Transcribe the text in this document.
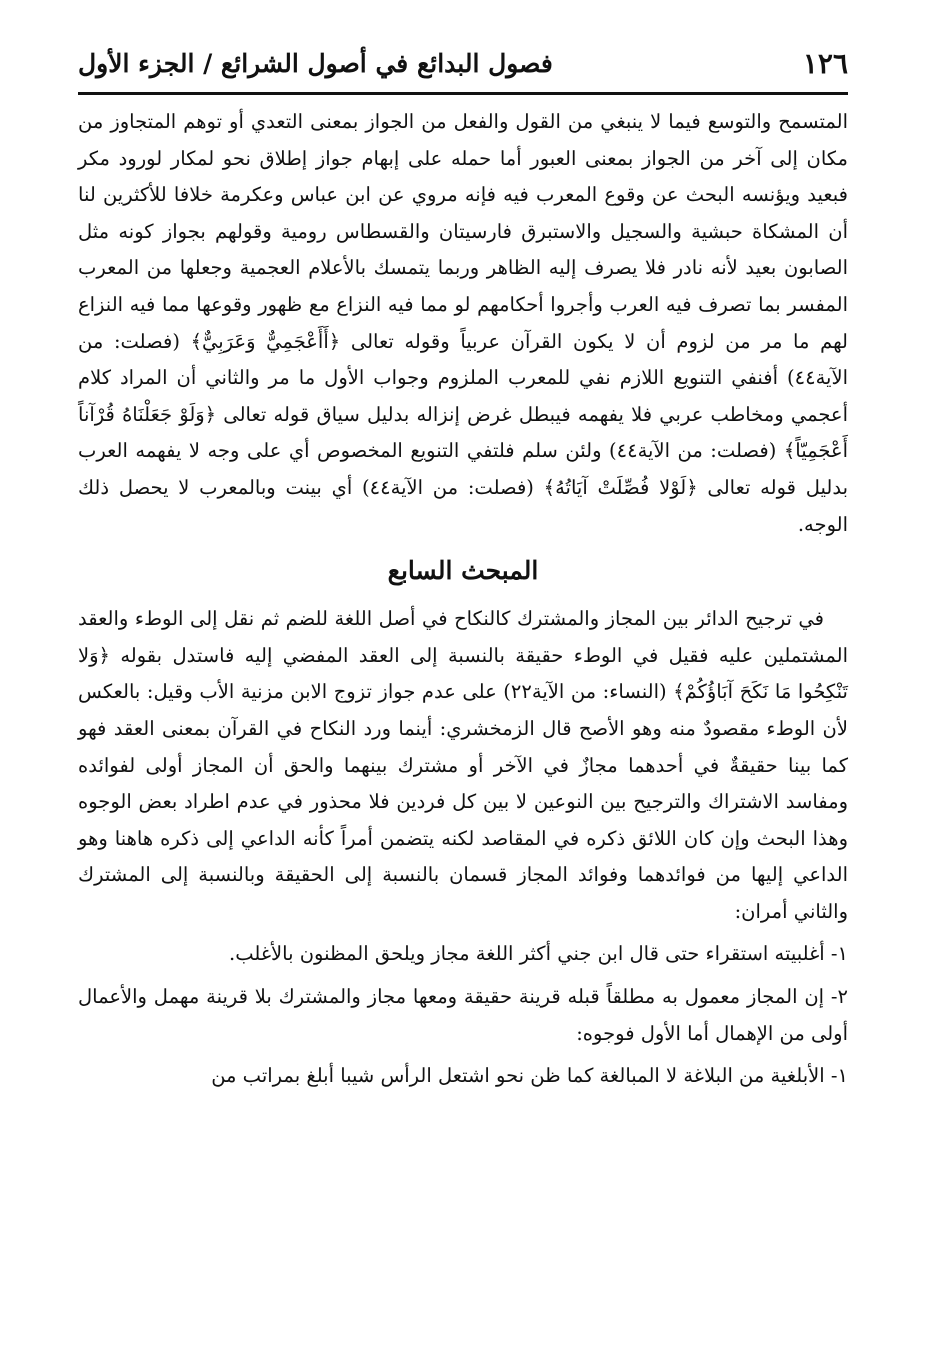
١٢٦
فصول البدائع في أصول الشرائع / الجزء الأول

المتسمح والتوسع فيما لا ينبغي من القول والفعل من الجواز بمعنى التعدي أو توهم المتجاوز من مكان إلى آخر من الجواز بمعنى العبور أما حمله على إبهام جواز إطلاق نحو لمكار لورود مكر فبعيد ويؤنسه البحث عن وقوع المعرب فيه فإنه مروي عن ابن عباس وعكرمة خلافا للأكثرين لنا أن المشكاة حبشية والسجيل والاستبرق فارسيتان والقسطاس رومية وقولهم بجواز كونه مثل الصابون بعيد لأنه نادر فلا يصرف إليه الظاهر وربما يتمسك بالأعلام العجمية وجعلها من المعرب المفسر بما تصرف فيه العرب وأجروا أحكامهم لو مما فيه النزاع مع ظهور وقوعها مما فيه النزاع لهم ما مر من لزوم أن لا يكون القرآن عربياً وقوله تعالى ﴿أَأَعْجَمِيٌّ وَعَرَبِيٌّ﴾ (فصلت: من الآية٤٤) أفنفي التنويع اللازم نفي للمعرب الملزوم وجواب الأول ما مر والثاني أن المراد كلام أعجمي ومخاطب عربي فلا يفهمه فيبطل غرض إنزاله بدليل سياق قوله تعالى ﴿وَلَوْ جَعَلْنَاهُ قُرْآناً أَعْجَمِيّاً﴾ (فصلت: من الآية٤٤) ولئن سلم فلتفي التنويع المخصوص أي على وجه لا يفهمه العرب بدليل قوله تعالى ﴿لَوْلا فُصِّلَتْ آيَاتُهُ﴾ (فصلت: من الآية٤٤) أي بينت وبالمعرب لا يحصل ذلك الوجه.

المبحث السابع

في ترجيح الدائر بين المجاز والمشترك كالنكاح في أصل اللغة للضم ثم نقل إلى الوطء والعقد المشتملين عليه فقيل في الوطء حقيقة بالنسبة إلى العقد المفضي إليه فاستدل بقوله ﴿وَلا تَنْكِحُوا مَا نَكَحَ آبَاؤُكُمْ﴾ (النساء: من الآية٢٢) على عدم جواز تزوج الابن مزنية الأب وقيل: بالعكس لأن الوطء مقصودٌ منه وهو الأصح قال الزمخشري: أينما ورد النكاح في القرآن بمعنى العقد فهو كما بينا حقيقةٌ في أحدهما مجازٌ في الآخر أو مشترك بينهما والحق أن المجاز أولى لفوائده ومفاسد الاشتراك والترجيح بين النوعين لا بين كل فردين فلا محذور في عدم اطراد بعض الوجوه وهذا البحث وإن كان اللائق ذكره في المقاصد لكنه يتضمن أمراً كأنه الداعي إلى ذكره هاهنا وهو الداعي إليها من فوائدهما وفوائد المجاز قسمان بالنسبة إلى الحقيقة وبالنسبة إلى المشترك والثاني أمران:

١- أغلبيته استقراء حتى قال ابن جني أكثر اللغة مجاز ويلحق المظنون بالأغلب.

٢- إن المجاز معمول به مطلقاً قبله قرينة حقيقة ومعها مجاز والمشترك بلا قرينة مهمل والأعمال أولى من الإهمال أما الأول فوجوه:

١- الأبلغية من البلاغة لا المبالغة كما ظن نحو اشتعل الرأس شيبا أبلغ بمراتب من
